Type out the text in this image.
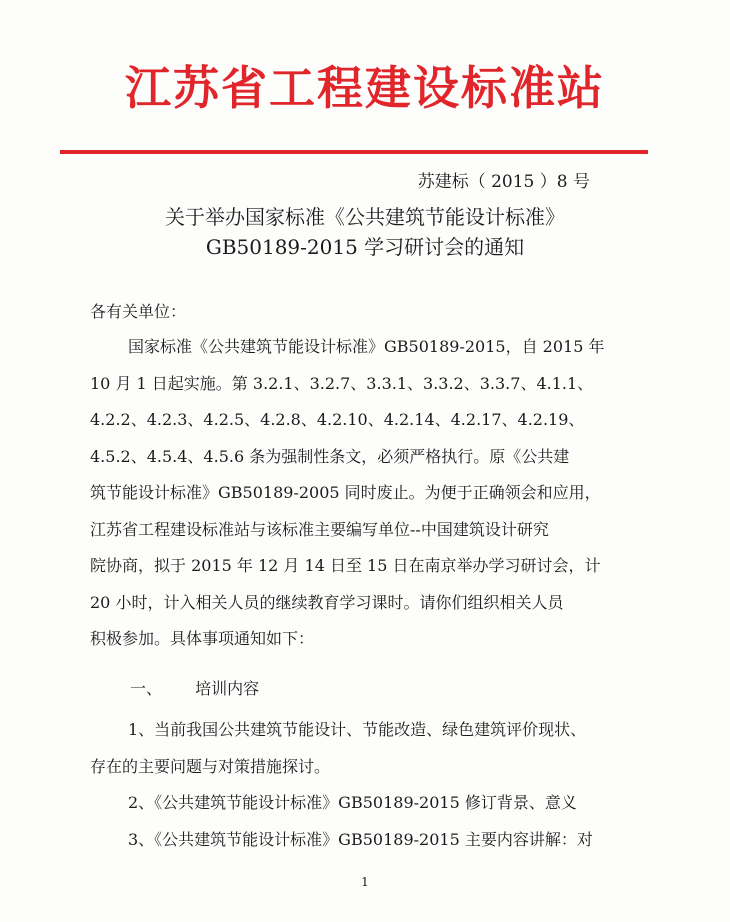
江苏省工程建设标准站
苏建标（ 2015 ）8 号
关于举办国家标准《公共建筑节能设计标准》
GB50189-2015 学习研讨会的通知
各有关单位：
国家标准《公共建筑节能设计标准》GB50189-2015，自 2015 年
10 月 1 日起实施。第 3.2.1、3.2.7、3.3.1、3.3.2、3.3.7、4.1.1、
4.2.2、4.2.3、4.2.5、4.2.8、4.2.10、4.2.14、4.2.17、4.2.19、
4.5.2、4.5.4、4.5.6 条为强制性条文，必须严格执行。原《公共建
筑节能设计标准》GB50189-2005 同时废止。为便于正确领会和应用，
江苏省工程建设标准站与该标准主要编写单位--中国建筑设计研究
院协商，拟于 2015 年 12 月 14 日至 15 日在南京举办学习研讨会，计
20 小时，计入相关人员的继续教育学习课时。请你们组织相关人员
积极参加。具体事项通知如下：
一、 培训内容
1、当前我国公共建筑节能设计、节能改造、绿色建筑评价现状、
存在的主要问题与对策措施探讨。
2、《公共建筑节能设计标准》GB50189-2015 修订背景、意义
3、《公共建筑节能设计标准》GB50189-2015 主要内容讲解：对
1
